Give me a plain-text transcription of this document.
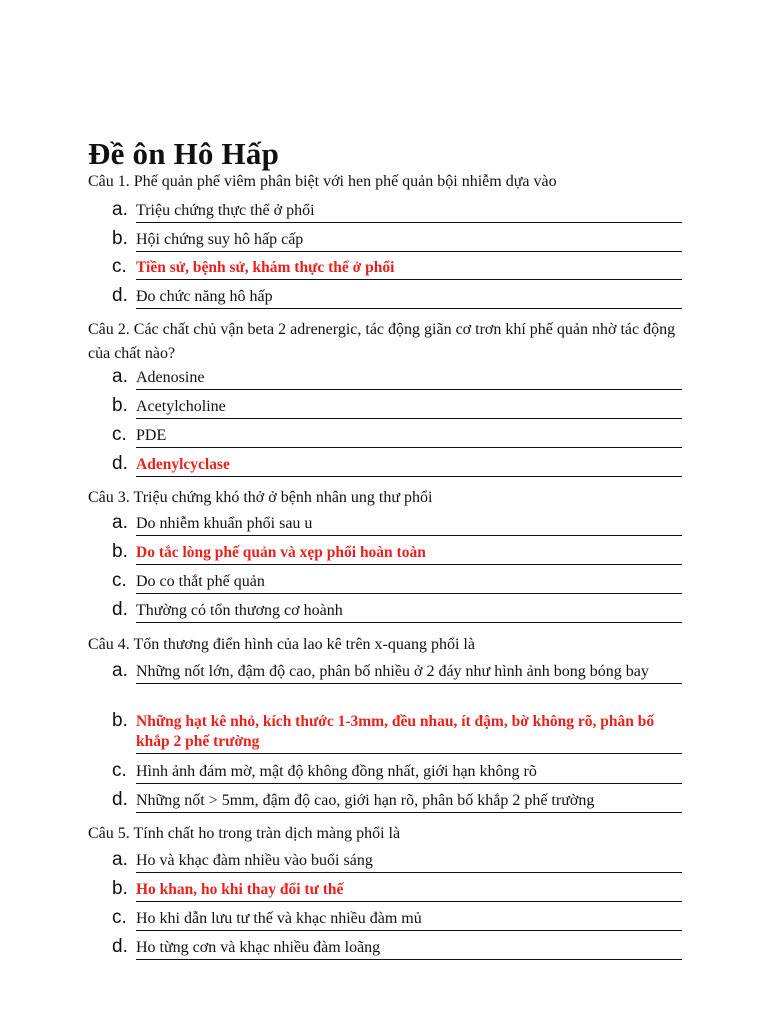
Đề ôn Hô Hấp
Câu 1. Phế quản phế viêm phân biệt với hen phế quản bội nhiễm dựa vào
a. Triệu chứng thực thể ở phổi
b. Hội chứng suy hô hấp cấp
c. Tiền sử, bệnh sử, khám thực thể ở phổi
d. Đo chức năng hô hấp
Câu 2. Các chất chủ vận beta 2 adrenergic, tác động giãn cơ trơn khí phế quản nhờ tác động của chất nào?
a. Adenosine
b. Acetylcholine
c. PDE
d. Adenylcyclase
Câu 3. Triệu chứng khó thở ở bệnh nhân ung thư phổi
a. Do nhiễm khuẩn phổi sau u
b. Do tắc lòng phế quản và xẹp phổi hoàn toàn
c. Do co thắt phế quản
d. Thường có tổn thương cơ hoành
Câu 4. Tổn thương điển hình của lao kê trên x-quang phổi là
a. Những nốt lớn, đậm độ cao, phân bố nhiều ở 2 đáy như hình ảnh bong bóng bay
b. Những hạt kê nhỏ, kích thước 1-3mm, đều nhau, ít đậm, bờ không rõ, phân bố khắp 2 phế trường
c. Hình ảnh đám mờ, mật độ không đồng nhất, giới hạn không rõ
d. Những nốt > 5mm, đậm độ cao, giới hạn rõ, phân bố khắp 2 phế trường
Câu 5. Tính chất ho trong tràn dịch màng phổi là
a. Ho và khạc đàm nhiều vào buổi sáng
b. Ho khan, ho khi thay đổi tư thế
c. Ho khi dẫn lưu tư thế và khạc nhiều đàm mủ
d. Ho từng cơn và khạc nhiều đàm loãng
